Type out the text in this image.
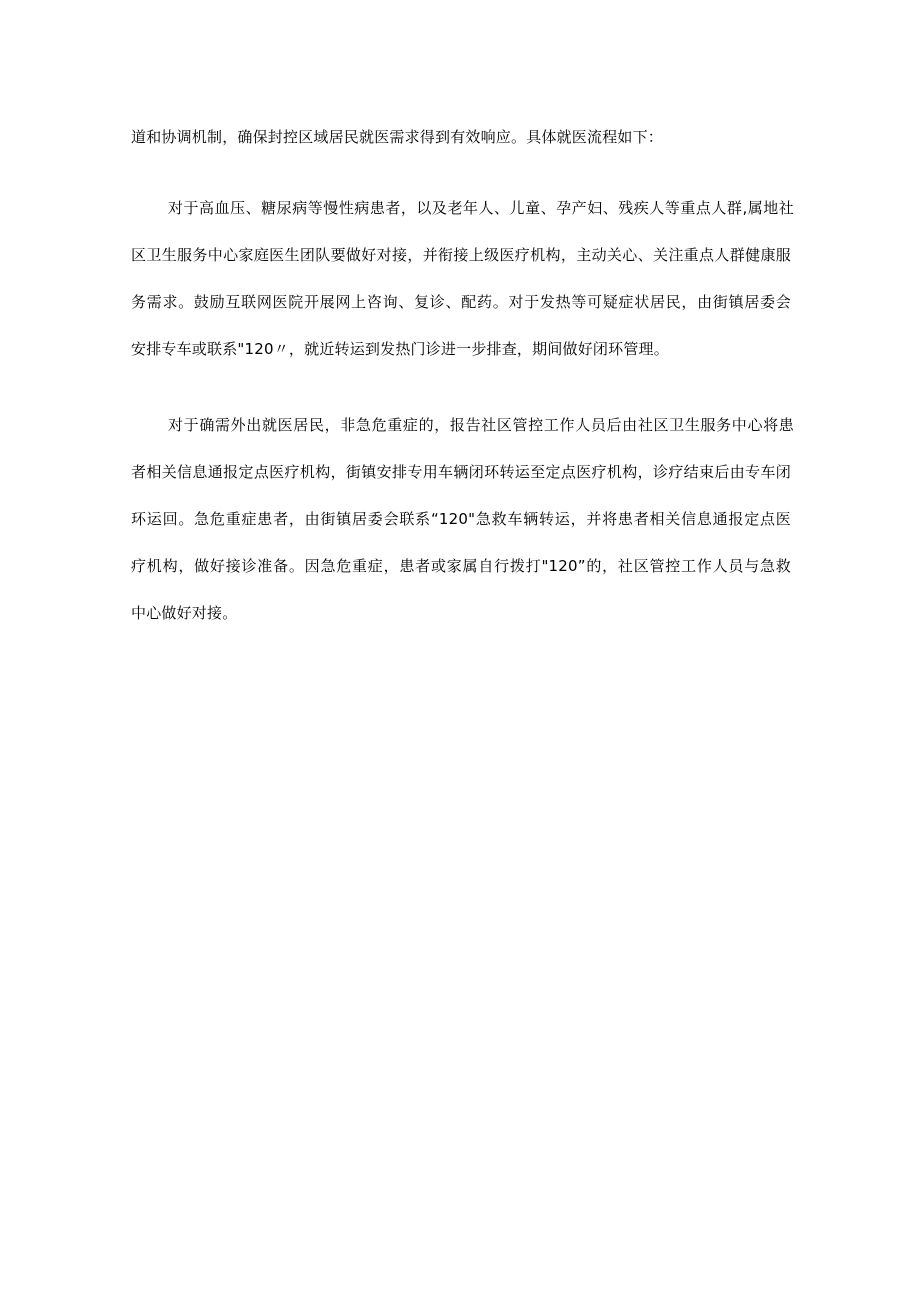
道和协调机制，确保封控区域居民就医需求得到有效响应。具体就医流程如下：
对于高血压、糖尿病等慢性病患者，以及老年人、儿童、孕产妇、残疾人等重点人群,属地社
区卫生服务中心家庭医生团队要做好对接，并衔接上级医疗机构，主动关心、关注重点人群健康服
务需求。鼓励互联网医院开展网上咨询、复诊、配药。对于发热等可疑症状居民，由街镇居委会
安排专车或联系"120〃，就近转运到发热门诊进一步排查，期间做好闭环管理。
对于确需外出就医居民，非急危重症的，报告社区管控工作人员后由社区卫生服务中心将患
者相关信息通报定点医疗机构，街镇安排专用车辆闭环转运至定点医疗机构，诊疗结束后由专车闭
环运回。急危重症患者，由街镇居委会联系“120"急救车辆转运，并将患者相关信息通报定点医
疗机构，做好接诊准备。因急危重症，患者或家属自行拨打"120”的，社区管控工作人员与急救
中心做好对接。
